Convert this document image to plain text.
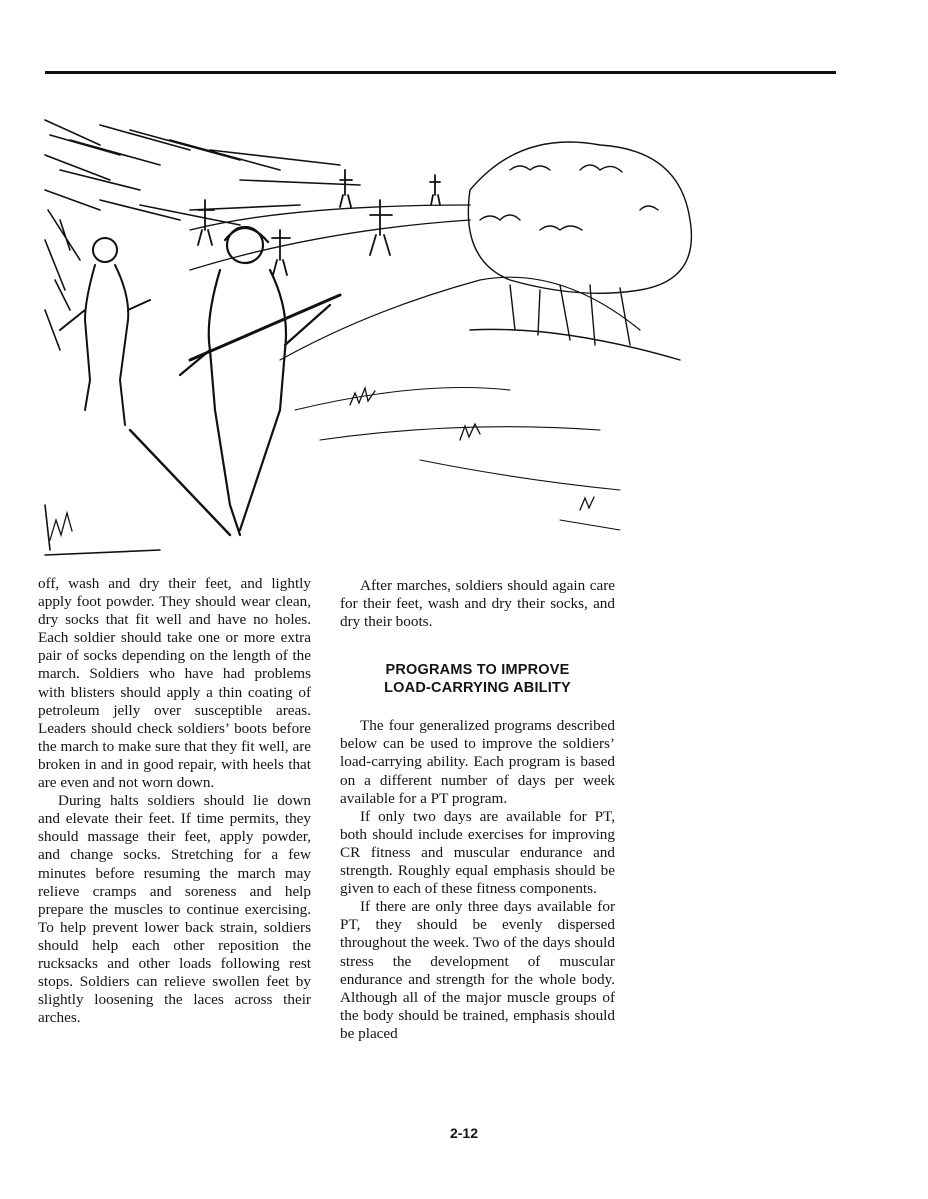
off, wash and dry their feet, and lightly apply foot powder. They should wear clean, dry socks that fit well and have no holes. Each soldier should take one or more extra pair of socks depending on the length of the march. Soldiers who have had problems with blisters should apply a thin coating of petroleum jelly over susceptible areas. Leaders should check soldiers’ boots before the march to make sure that they fit well, are broken in and in good repair, with heels that are even and not worn down.

During halts soldiers should lie down and elevate their feet. If time permits, they should massage their feet, apply powder, and change socks. Stretching for a few minutes before resuming the march may relieve cramps and soreness and help prepare the muscles to continue exercising. To help prevent lower back strain, soldiers should help each other reposition the rucksacks and other loads following rest stops. Soldiers can relieve swollen feet by slightly loosening the laces across their arches.

After marches, soldiers should again care for their feet, wash and dry their socks, and dry their boots.

PROGRAMS TO IMPROVE
LOAD-CARRYING ABILITY

The four generalized programs described below can be used to improve the soldiers’ load-carrying ability. Each program is based on a different number of days per week available for a PT program.

If only two days are available for PT, both should include exercises for improving CR fitness and muscular endurance and strength. Roughly equal emphasis should be given to each of these fitness components.

If there are only three days available for PT, they should be evenly dispersed throughout the week. Two of the days should stress the development of muscular endurance and strength for the whole body. Although all of the major muscle groups of the body should be trained, emphasis should be placed

2-12
